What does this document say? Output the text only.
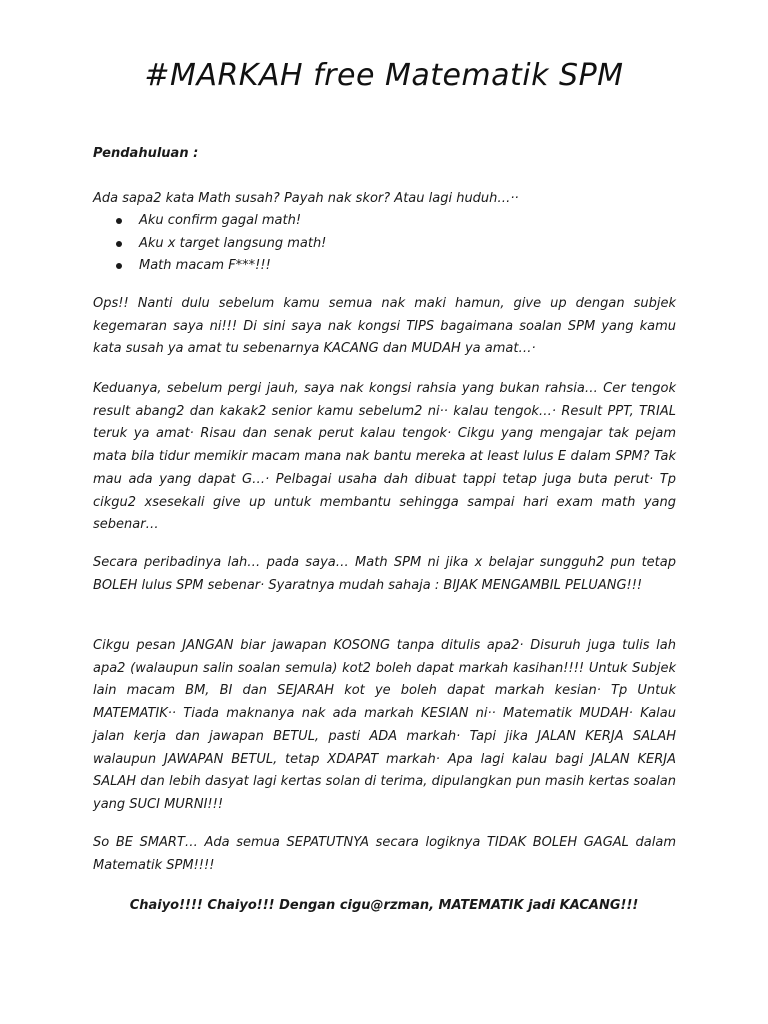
#MARKAH free Matematik SPM
Pendahuluan :
Ada sapa2 kata Math susah? Payah nak skor? Atau lagi huduh…··
Aku confirm gagal math!
Aku x target langsung math!
Math macam F***!!!
Ops!! Nanti dulu sebelum kamu semua nak maki hamun, give up dengan subjek kegemaran saya ni!!! Di sini saya nak kongsi TIPS bagaimana soalan SPM yang kamu kata susah ya amat tu sebenarnya KACANG dan MUDAH ya amat…·
Keduanya, sebelum pergi jauh, saya nak kongsi rahsia yang bukan rahsia… Cer tengok result abang2 dan kakak2 senior kamu sebelum2 ni·· kalau tengok…· Result PPT, TRIAL teruk ya amat· Risau dan senak perut kalau tengok· Cikgu yang mengajar tak pejam mata bila tidur memikir macam mana nak bantu mereka at least lulus E dalam SPM? Tak mau ada yang dapat G…· Pelbagai usaha dah dibuat tappi tetap juga buta perut· Tp cikgu2 xsesekali give up untuk membantu sehingga sampai hari exam math yang sebenar…
Secara peribadinya lah… pada saya… Math SPM ni jika x belajar sungguh2 pun tetap BOLEH lulus SPM sebenar· Syaratnya mudah sahaja : BIJAK MENGAMBIL PELUANG!!!
Cikgu pesan JANGAN biar jawapan KOSONG tanpa ditulis apa2· Disuruh juga tulis lah apa2 (walaupun salin soalan semula) kot2 boleh dapat markah kasihan!!!! Untuk Subjek lain macam BM, BI dan SEJARAH kot ye boleh dapat markah kesian· Tp Untuk MATEMATIK·· Tiada maknanya nak ada markah KESIAN ni·· Matematik MUDAH· Kalau jalan kerja dan jawapan BETUL, pasti ADA markah· Tapi jika JALAN KERJA SALAH walaupun JAWAPAN BETUL, tetap XDAPAT markah· Apa lagi kalau bagi JALAN KERJA SALAH dan lebih dasyat lagi kertas solan di terima, dipulangkan pun masih kertas soalan yang SUCI MURNI!!!
So BE SMART… Ada semua SEPATUTNYA secara logiknya TIDAK BOLEH GAGAL dalam Matematik SPM!!!!
Chaiyo!!!! Chaiyo!!! Dengan cigu@rzman, MATEMATIK jadi KACANG!!!
